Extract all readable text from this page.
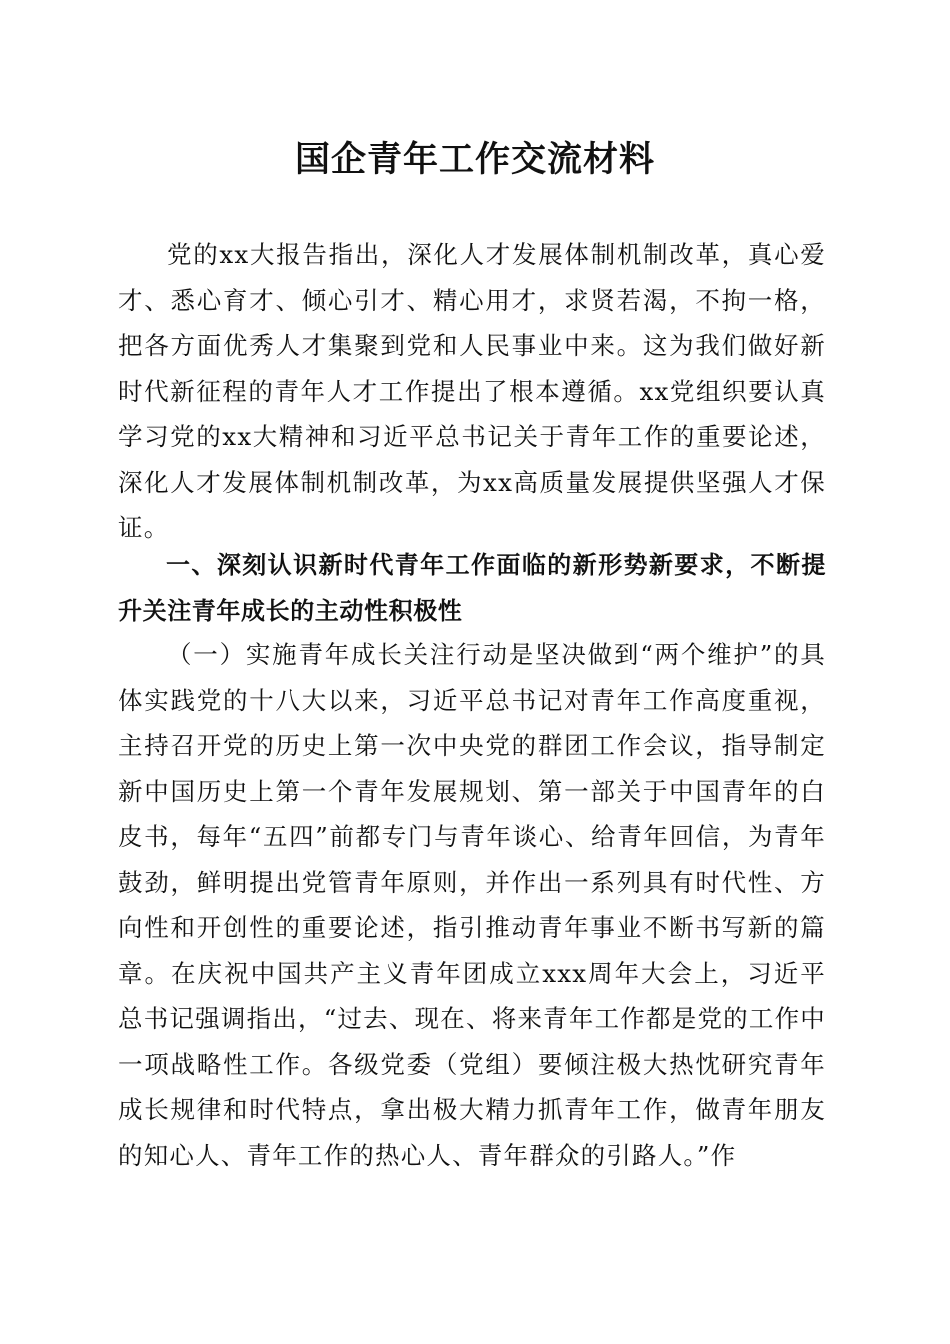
国企青年工作交流材料

党的xx大报告指出，深化人才发展体制机制改革，真心爱才、悉心育才、倾心引才、精心用才，求贤若渴，不拘一格，把各方面优秀人才集聚到党和人民事业中来。这为我们做好新时代新征程的青年人才工作提出了根本遵循。xx党组织要认真学习党的xx大精神和习近平总书记关于青年工作的重要论述，深化人才发展体制机制改革，为xx高质量发展提供坚强人才保证。

一、深刻认识新时代青年工作面临的新形势新要求，不断提升关注青年成长的主动性积极性

（一）实施青年成长关注行动是坚决做到“两个维护”的具体实践党的十八大以来，习近平总书记对青年工作高度重视，主持召开党的历史上第一次中央党的群团工作会议，指导制定新中国历史上第一个青年发展规划、第一部关于中国青年的白皮书，每年“五四”前都专门与青年谈心、给青年回信，为青年鼓劲，鲜明提出党管青年原则，并作出一系列具有时代性、方向性和开创性的重要论述，指引推动青年事业不断书写新的篇章。在庆祝中国共产主义青年团成立xxx周年大会上，习近平总书记强调指出，“过去、现在、将来青年工作都是党的工作中一项战略性工作。各级党委（党组）要倾注极大热忱研究青年成长规律和时代特点，拿出极大精力抓青年工作，做青年朋友的知心人、青年工作的热心人、青年群众的引路人。”作
